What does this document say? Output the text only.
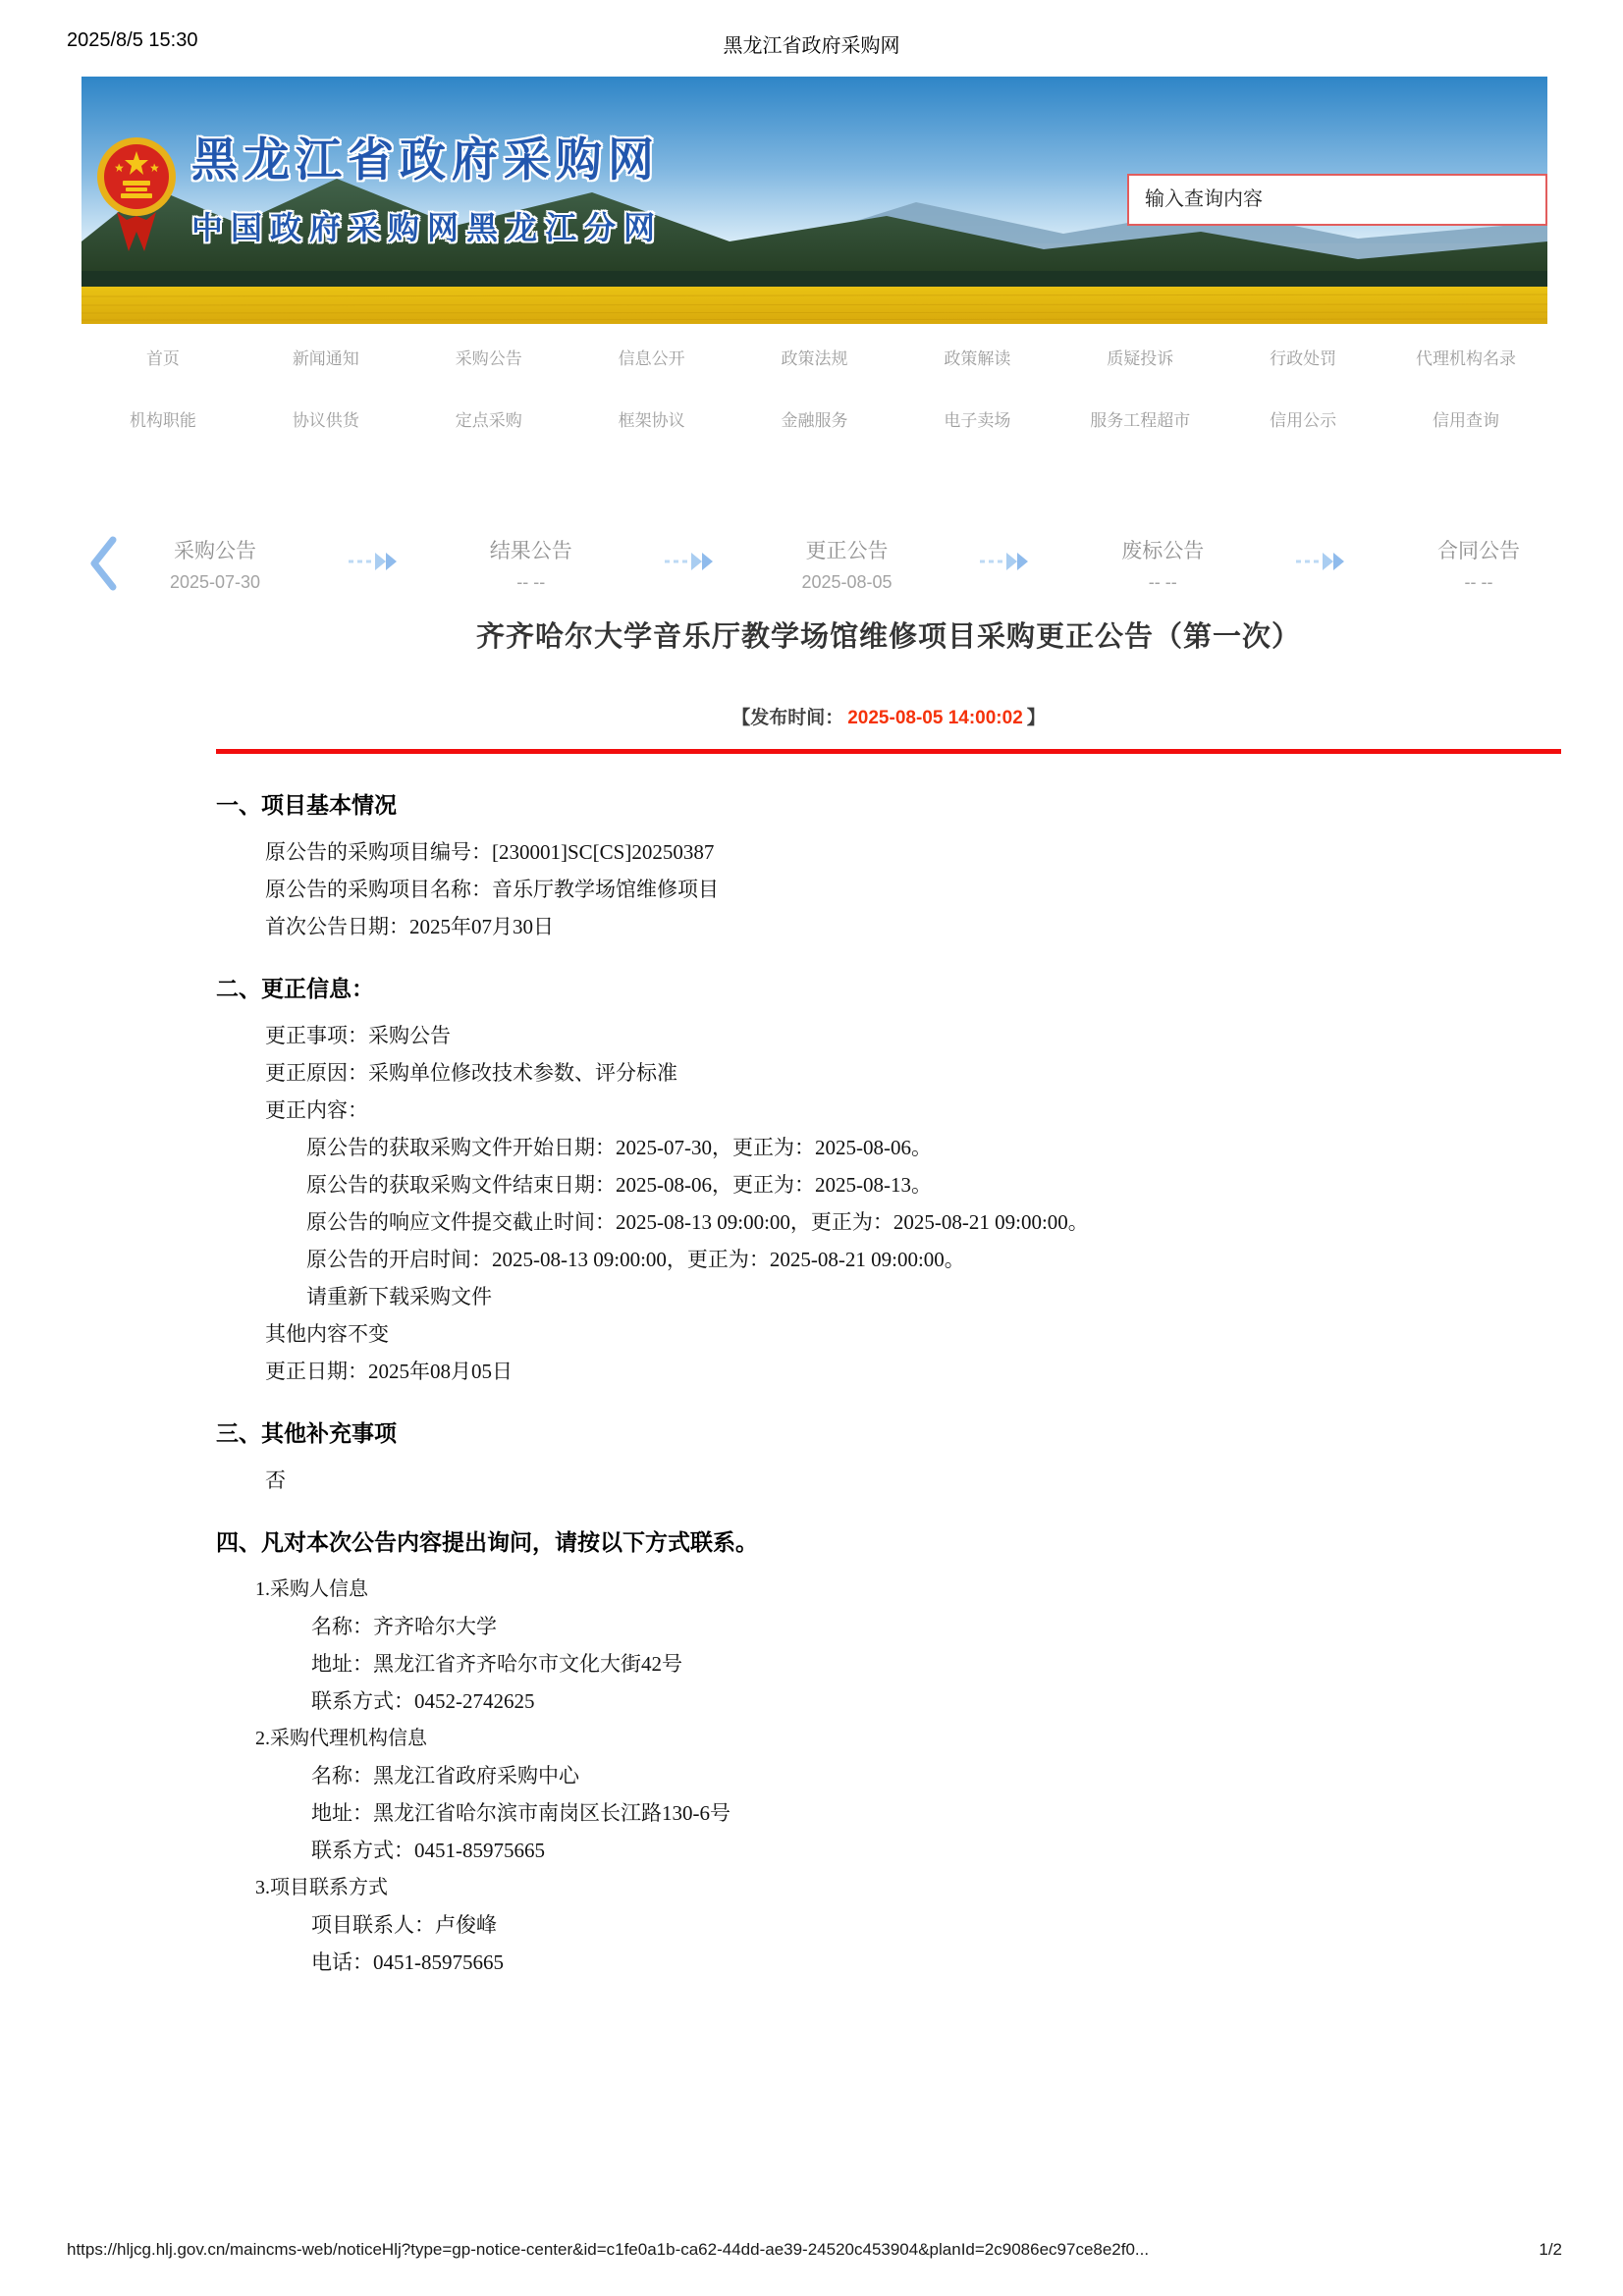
2025/8/5 15:30	黑龙江省政府采购网
黑龙江省政府采购网
中国政府采购网黑龙江分网
输入查询内容
首页	新闻通知	采购公告	信息公开	政策法规	政策解读	质疑投诉	行政处罚	代理机构名录
机构职能	协议供货	定点采购	框架协议	金融服务	电子卖场	服务工程超市	信用公示	信用查询
采购公告
2025-07-30
结果公告
-- --
更正公告
2025-08-05
废标公告
-- --
合同公告
-- --
齐齐哈尔大学音乐厅教学场馆维修项目采购更正公告（第一次）
【发布时间： 2025-08-05 14:00:02 】
一、项目基本情况
原公告的采购项目编号：[230001]SC[CS]20250387
原公告的采购项目名称：音乐厅教学场馆维修项目
首次公告日期：2025年07月30日
二、更正信息：
更正事项：采购公告
更正原因：采购单位修改技术参数、评分标准
更正内容：
原公告的获取采购文件开始日期：2025-07-30，更正为：2025-08-06。
原公告的获取采购文件结束日期：2025-08-06，更正为：2025-08-13。
原公告的响应文件提交截止时间：2025-08-13 09:00:00，更正为：2025-08-21 09:00:00。
原公告的开启时间：2025-08-13 09:00:00，更正为：2025-08-21 09:00:00。
请重新下载采购文件
其他内容不变
更正日期：2025年08月05日
三、其他补充事项
否
四、凡对本次公告内容提出询问，请按以下方式联系。
1.采购人信息
名称：齐齐哈尔大学
地址：黑龙江省齐齐哈尔市文化大街42号
联系方式：0452-2742625
2.采购代理机构信息
名称：黑龙江省政府采购中心
地址：黑龙江省哈尔滨市南岗区长江路130-6号
联系方式：0451-85975665
3.项目联系方式
项目联系人：卢俊峰
电话：0451-85975665
https://hljcg.hlj.gov.cn/maincms-web/noticeHlj?type=gp-notice-center&id=c1fe0a1b-ca62-44dd-ae39-24520c453904&planId=2c9086ec97ce8e2f0...	1/2
